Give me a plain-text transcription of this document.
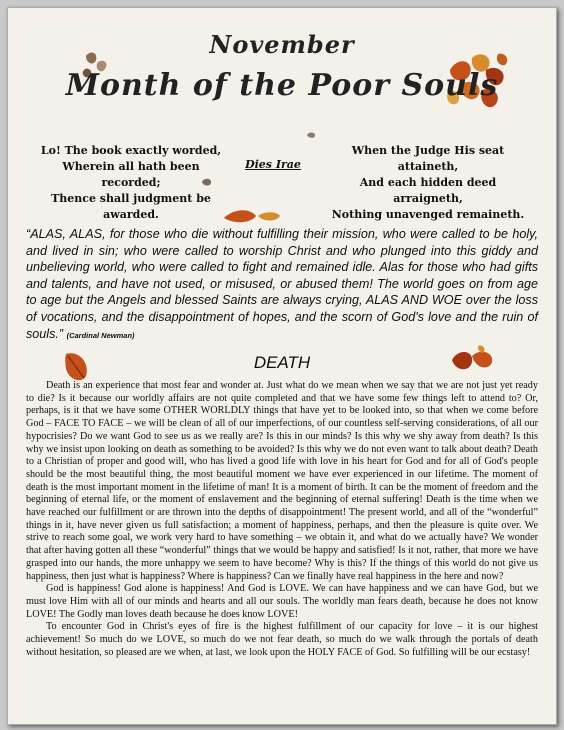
November
Month of the Poor Souls
Lo! The book exactly worded,
Wherein all hath been recorded;
Thence shall judgment be awarded.
Dies Irae
When the Judge His seat attaineth,
And each hidden deed arraigneth,
Nothing unavenged remaineth.
“ALAS, ALAS, for those who die without fulfilling their mission, who were called to be holy, and lived in sin; who were called to worship Christ and who plunged into this giddy and unbelieving world, who were called to fight and remained idle. Alas for those who had gifts and talents, and have not used, or misused, or abused them! The world goes on from age to age but the Angels and blessed Saints are always crying, ALAS AND WOE over the loss of vocations, and the disappointment of hopes, and the scorn of God's love and the ruin of souls.” (Cardinal Newman)
DEATH

Death is an experience that most fear and wonder at. Just what do we mean when we say that we are not just yet ready to die? Is it because our worldly affairs are not quite completed and that we have some few things left to attend to? Or, perhaps, is it that we have some OTHER WORLDLY things that have yet to be looked into, so that when we come before God – FACE TO FACE – we will be clean of all of our imperfections, of our countless self-serving considerations, of all our hypocrisies? Do we want God to see us as we really are? Is this in our minds? Is this why we shy away from death? Is this why we insist upon looking on death as something to be avoided? Is this why we do not even want to talk about death? Death to a Christian of proper and good will, who has lived a good life with love in his heart for God and for all of God's people should be the most beautiful thing, the most beautiful moment we have ever experienced in our lifetime. The moment of death is the most important moment in the lifetime of man! It is a moment of birth. It can be the moment of freedom and the beginning of eternal life, or the moment of enslavement and the beginning of eternal suffering! Death is the time when we have reached our fulfillment or are thrown into the depths of disappointment! The present world, and all of the “wonderful” things in it, have never given us full satisfaction; a moment of happiness, perhaps, and then the pleasure is quite over. We strive to reach some goal, we work very hard to have something – we obtain it, and what do we actually have? We wonder that after having gotten all these “wonderful” things that we would be happy and satisfied! Is it not, rather, that more we have grasped into our hands, the more unhappy we seem to have become? Why is this? If the things of this world do not give us happiness, then just what is happiness? Where is happiness? Can we finally have real happiness in the here and now?

God is happiness! God alone is happiness! And God is LOVE. We can have happiness and we can have God, but we must love Him with all of our minds and hearts and all our souls. The worldly man fears death, because he does not know LOVE! The Godly man loves death because he does know LOVE!

To encounter God in Christ's eyes of fire is the highest fulfillment of our capacity for love – it is our highest achievement! So much do we LOVE, so much do we not fear death, so much do we walk through the portals of death without hesitation, so pleased are we when, at last, we look upon the HOLY FACE of God. So fulfilling will be our ecstasy!
